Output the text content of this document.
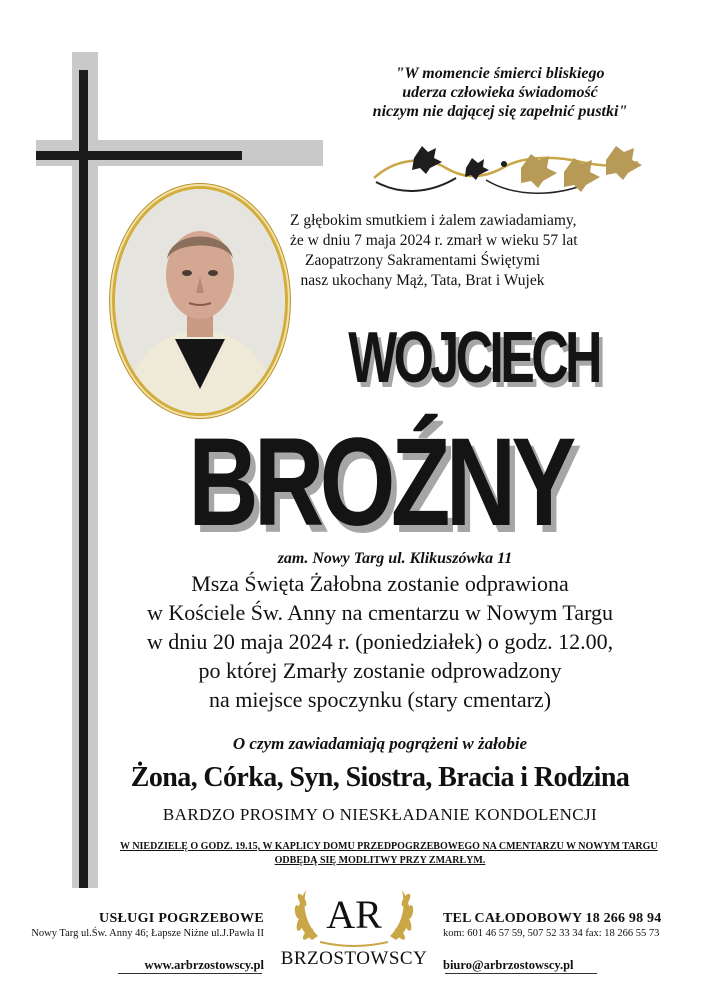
"W momencie śmierci bliskiego
uderza człowieka świadomość
niczym nie dającej się zapełnić pustki"
Z głębokim smutkiem i żalem zawiadamiamy,
że w dniu 7 maja 2024 r. zmarł w wieku 57 lat
Zaopatrzony Sakramentami Świętymi
nasz ukochany Mąż, Tata, Brat i Wujek
WOJCIECH
BROŹNY
zam. Nowy Targ ul. Klikuszówka 11
Msza Święta Żałobna zostanie odprawiona
w Kościele Św. Anny na cmentarzu w Nowym Targu
w dniu 20 maja 2024 r. (poniedziałek) o godz. 12.00,
po której Zmarły zostanie odprowadzony
na miejsce spoczynku (stary cmentarz)
O czym zawiadamiają pogrążeni w żałobie
Żona, Córka, Syn, Siostra, Bracia i Rodzina
BARDZO PROSIMY O NIESKŁADANIE KONDOLENCJI
W NIEDZIELĘ O GODZ. 19.15, W KAPLICY DOMU PRZEDPOGRZEBOWEGO NA CMENTARZU W NOWYM TARGU
ODBĘDĄ SIĘ MODLITWY PRZY ZMARŁYM.
USŁUGI POGRZEBOWE
Nowy Targ ul.Św. Anny 46; Łapsze Niżne ul.J.Pawła II
www.arbrzostowscy.pl
AR
BRZOSTOWSCY
TEL CAŁODOBOWY 18 266 98 94
kom: 601 46 57 59, 507 52 33 34 fax: 18 266 55 73
biuro@arbrzostowscy.pl
